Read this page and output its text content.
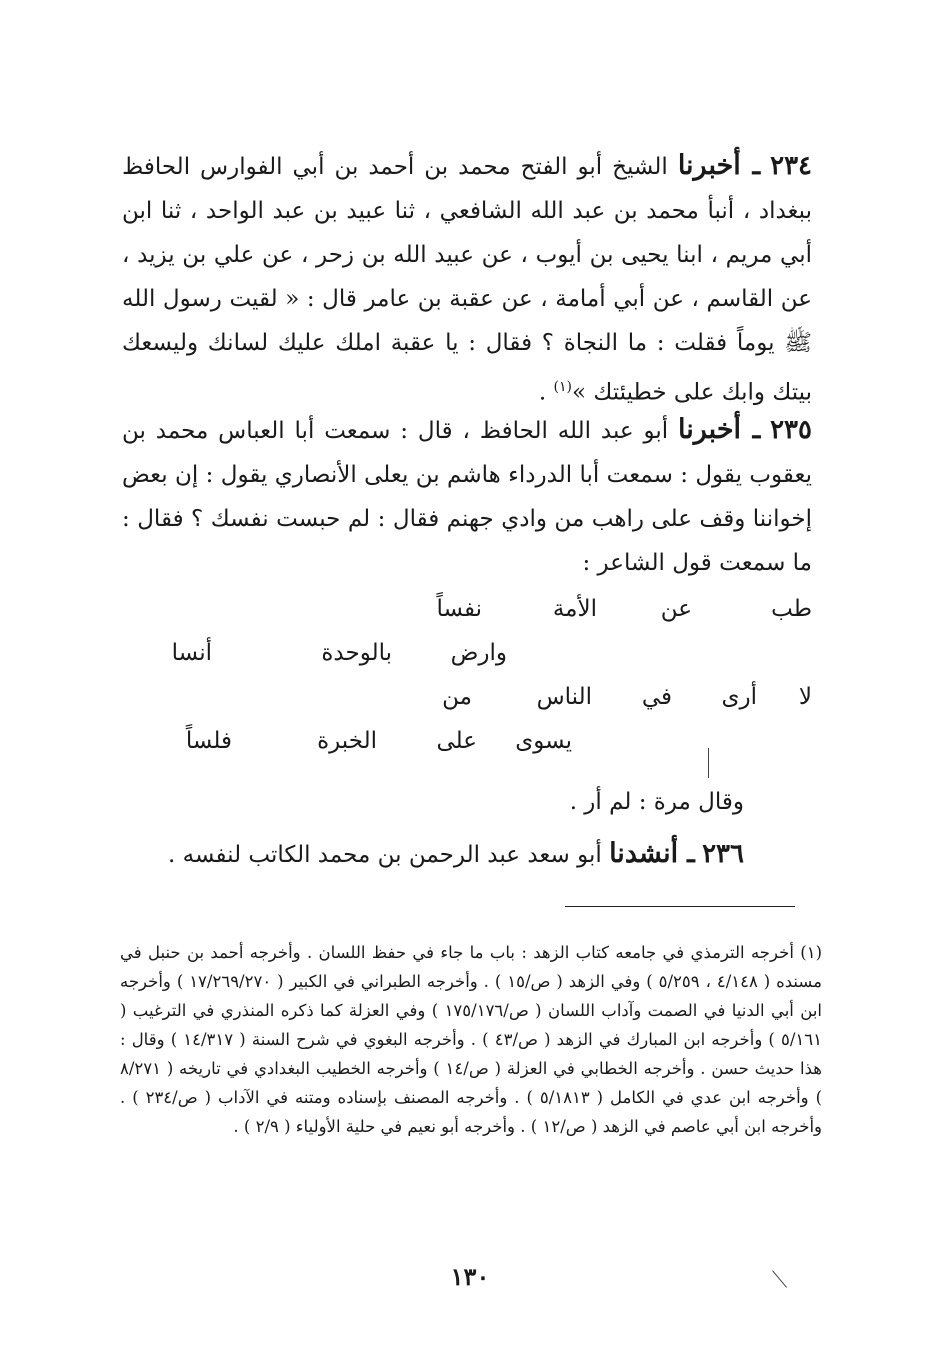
٢٣٤ ـ أخبرنا الشيخ أبو الفتح محمد بن أحمد بن أبي الفوارس الحافظ ببغداد ، أنبأ محمد بن عبد الله الشافعي ، ثنا عبيد بن عبد الواحد ، ثنا ابن أبي مريم ، ابنا يحيى بن أيوب ، عن عبيد الله بن زحر ، عن علي بن يزيد ، عن القاسم ، عن أبي أمامة ، عن عقبة بن عامر قال : « لقيت رسول الله ﷺ يوماً فقلت : ما النجاة ؟ فقال : يا عقبة املك عليك لسانك وليسعك بيتك وابك على خطيئتك »$^{(١)}$ .
٢٣٥ ـ أخبرنا أبو عبد الله الحافظ ، قال : سمعت أبا العباس محمد بن يعقوب يقول : سمعت أبا الدرداء هاشم بن يعلى الأنصاري يقول : إن بعض إخواننا وقف على راهب من وادي جهنم فقال : لم حبست نفسك ؟ فقال : ما سمعت قول الشاعر :
طب
عن
الأمة
نفساً
وارض
بالوحدة
أنسا
لا
أرى
في
الناس
من
يسوى
على
الخبرة
فلساً
وقال مرة : لم أر .
٢٣٦ ـ أنشدنا أبو سعد عبد الرحمن بن محمد الكاتب لنفسه .
(١) أخرجه الترمذي في جامعه كتاب الزهد : باب ما جاء في حفظ اللسان . وأخرجه أحمد بن حنبل في مسنده ( ٤/١٤٨ ، ٥/٢٥٩ ) وفي الزهد ( ص/١٥ ) . وأخرجه الطبراني في الكبير ( ١٧/٢٦٩/٢٧٠ ) وأخرجه ابن أبي الدنيا في الصمت وآداب اللسان ( ص/١٧٥/١٧٦ ) وفي العزلة كما ذكره المنذري في الترغيب ( ٥/١٦١ ) وأخرجه ابن المبارك في الزهد ( ص/٤٣ ) . وأخرجه البغوي في شرح السنة ( ١٤/٣١٧ ) وقال : هذا حديث حسن . وأخرجه الخطابي في العزلة ( ص/١٤ ) وأخرجه الخطيب البغدادي في تاريخه ( ٨/٢٧١ ) وأخرجه ابن عدي في الكامل ( ٥/١٨١٣ ) . وأخرجه المصنف بإسناده ومتنه في الآداب ( ص/٢٣٤ ) . وأخرجه ابن أبي عاصم في الزهد ( ص/١٢ ) . وأخرجه أبو نعيم في حلية الأولياء ( ٢/٩ ) .
١٣٠
